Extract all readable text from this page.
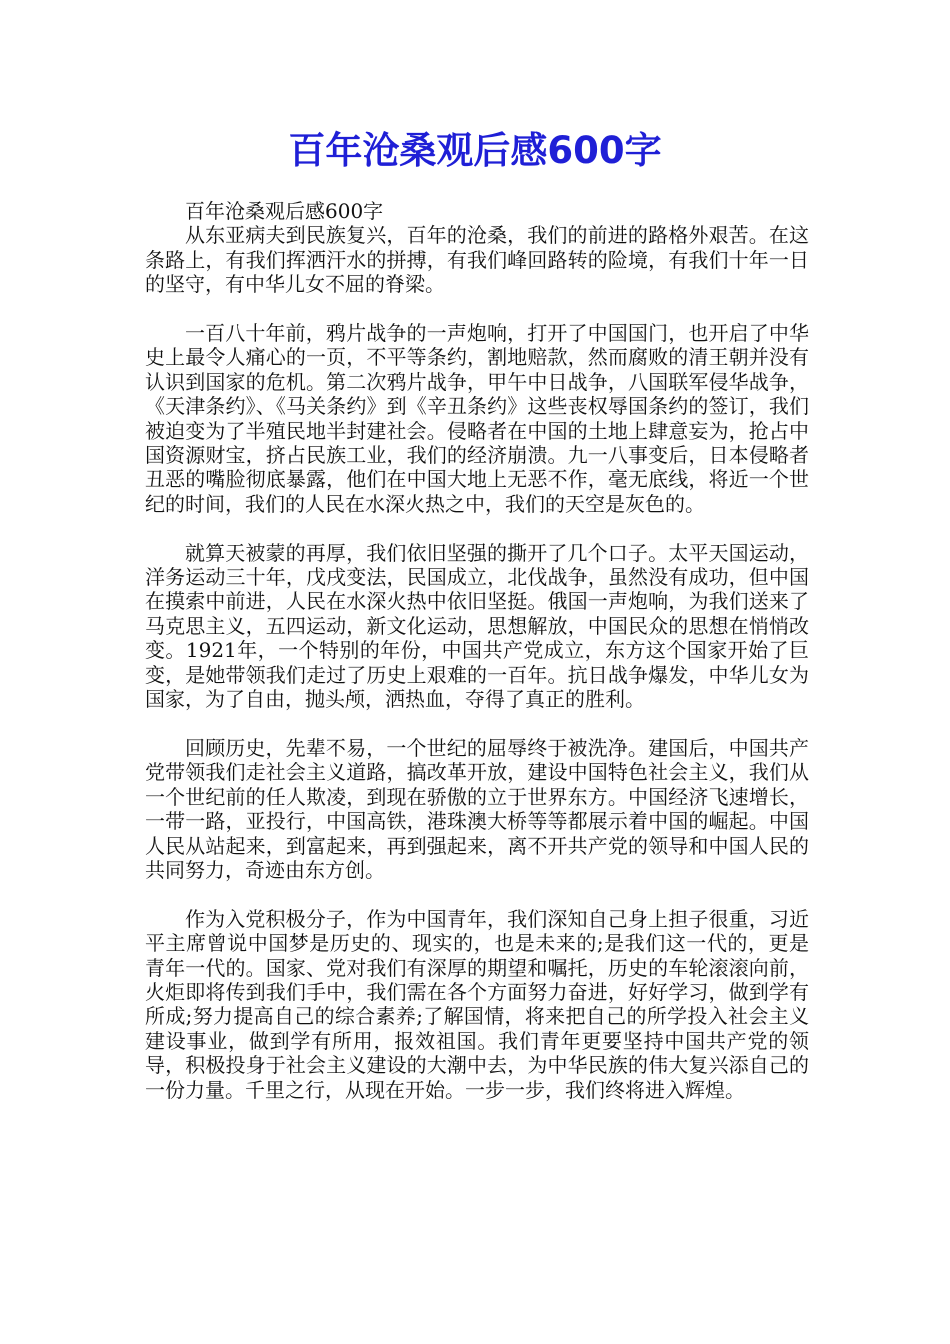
百年沧桑观后感600字

百年沧桑观后感600字

从东亚病夫到民族复兴，百年的沧桑，我们的前进的路格外艰苦。在这条路上，有我们挥洒汗水的拼搏，有我们峰回路转的险境，有我们十年一日的坚守，有中华儿女不屈的脊梁。

一百八十年前，鸦片战争的一声炮响，打开了中国国门，也开启了中华史上最令人痛心的一页，不平等条约，割地赔款，然而腐败的清王朝并没有认识到国家的危机。第二次鸦片战争，甲午中日战争，八国联军侵华战争，《天津条约》、《马关条约》到《辛丑条约》这些丧权辱国条约的签订，我们被迫变为了半殖民地半封建社会。侵略者在中国的土地上肆意妄为，抢占中国资源财宝，挤占民族工业，我们的经济崩溃。九一八事变后，日本侵略者丑恶的嘴脸彻底暴露，他们在中国大地上无恶不作，毫无底线，将近一个世纪的时间，我们的人民在水深火热之中，我们的天空是灰色的。

就算天被蒙的再厚，我们依旧坚强的撕开了几个口子。太平天国运动，洋务运动三十年，戊戌变法，民国成立，北伐战争，虽然没有成功，但中国在摸索中前进，人民在水深火热中依旧坚挺。俄国一声炮响，为我们送来了马克思主义，五四运动，新文化运动，思想解放，中国民众的思想在悄悄改变。1921年，一个特别的年份，中国共产党成立，东方这个国家开始了巨变，是她带领我们走过了历史上艰难的一百年。抗日战争爆发，中华儿女为国家，为了自由，抛头颅，洒热血，夺得了真正的胜利。

回顾历史，先辈不易，一个世纪的屈辱终于被洗净。建国后，中国共产党带领我们走社会主义道路，搞改革开放，建设中国特色社会主义，我们从一个世纪前的任人欺凌，到现在骄傲的立于世界东方。中国经济飞速增长，一带一路，亚投行，中国高铁，港珠澳大桥等等都展示着中国的崛起。中国人民从站起来，到富起来，再到强起来，离不开共产党的领导和中国人民的共同努力，奇迹由东方创。

作为入党积极分子，作为中国青年，我们深知自己身上担子很重，习近平主席曾说中国梦是历史的、现实的，也是未来的;是我们这一代的，更是青年一代的。国家、党对我们有深厚的期望和嘱托，历史的车轮滚滚向前，火炬即将传到我们手中，我们需在各个方面努力奋进，好好学习，做到学有所成;努力提高自己的综合素养;了解国情，将来把自己的所学投入社会主义建设事业，做到学有所用，报效祖国。我们青年更要坚持中国共产党的领导，积极投身于社会主义建设的大潮中去，为中华民族的伟大复兴添自己的一份力量。千里之行，从现在开始。一步一步，我们终将进入辉煌。
